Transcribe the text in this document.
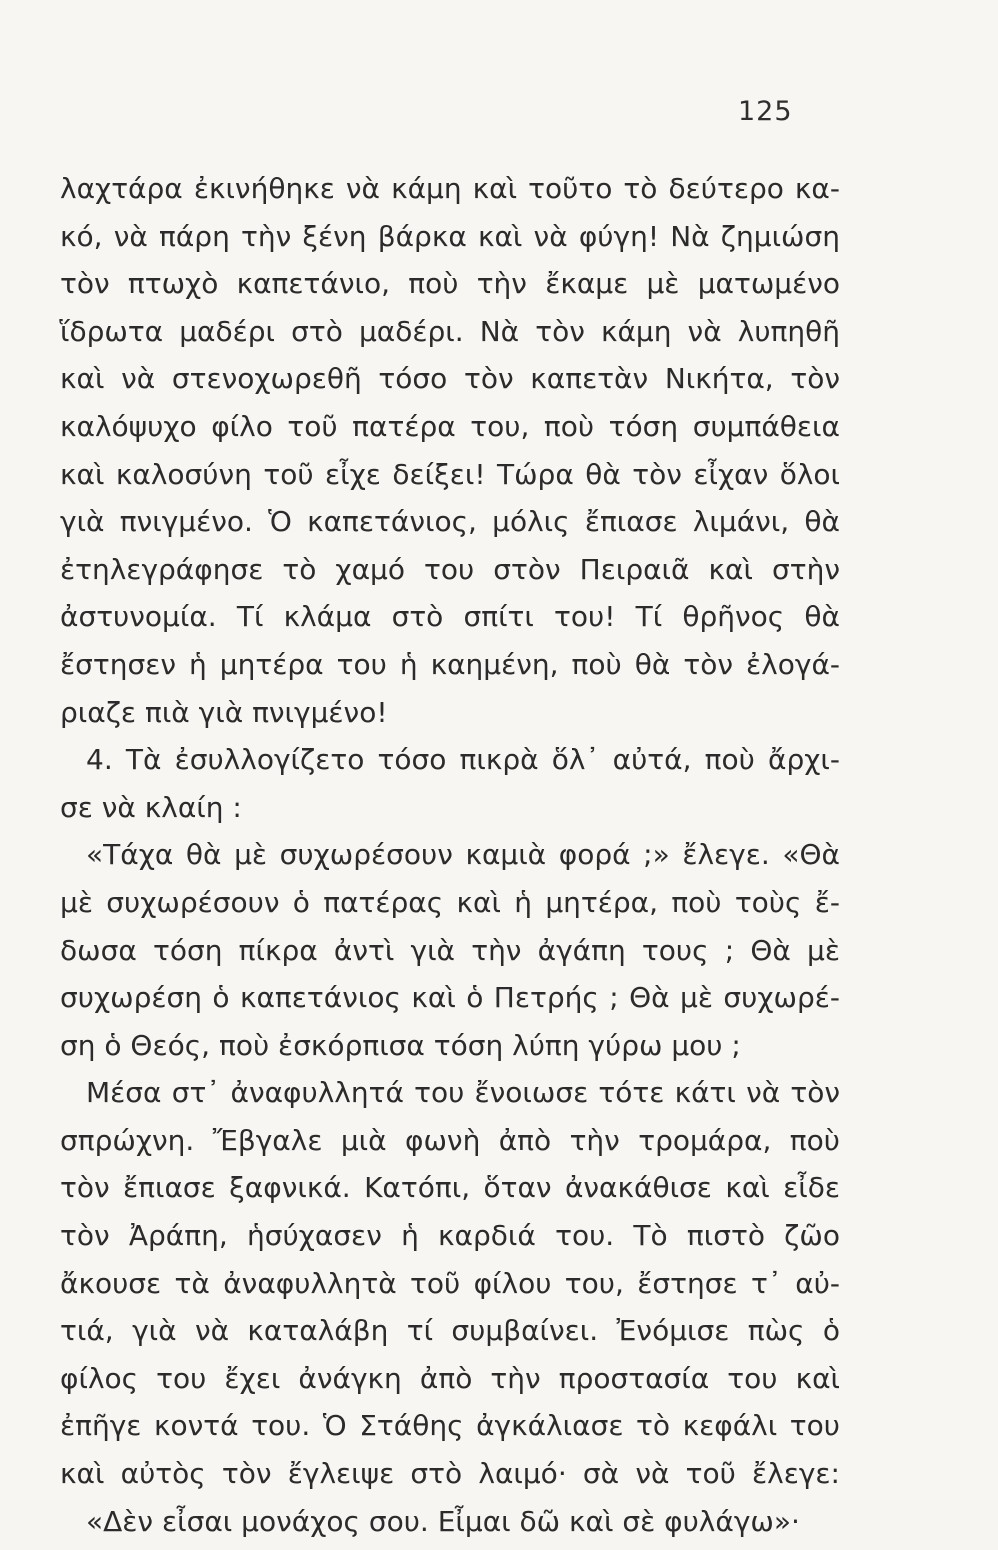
125
λαχτάρα ἐκινήθηκε νὰ κάμη καὶ τοῦτο τὸ δεύτερο κα-
κό, νὰ πάρη τὴν ξένη βάρκα καὶ νὰ φύγη! Νὰ ζημιώση
τὸν πτωχὸ καπετάνιο, ποὺ τὴν ἔκαμε μὲ ματωμένο
ἵδρωτα μαδέρι στὸ μαδέρι. Νὰ τὸν κάμη νὰ λυπηθῆ
καὶ νὰ στενοχωρεθῆ τόσο τὸν καπετὰν Νικήτα, τὸν
καλόψυχο φίλο τοῦ πατέρα του, ποὺ τόση συμπάθεια
καὶ καλοσύνη τοῦ εἶχε δείξει! Τώρα θὰ τὸν εἶχαν ὅλοι
γιὰ πνιγμένο. Ὁ καπετάνιος, μόλις ἔπιασε λιμάνι, θὰ
ἐτηλεγράφησε τὸ χαμό του στὸν Πειραιᾶ καὶ στὴν
ἀστυνομία. Τί κλάμα στὸ σπίτι του! Τί θρῆνος θὰ
ἔστησεν ἡ μητέρα του ἡ καημένη, ποὺ θὰ τὸν ἐλογά-
ριαζε πιὰ γιὰ πνιγμένο!
4. Τὰ ἐσυλλογίζετο τόσο πικρὰ ὅλ᾽ αὐτά, ποὺ ἄρχι-
σε νὰ κλαίη :
«Τάχα θὰ μὲ συχωρέσουν καμιὰ φορά ;» ἔλεγε. «Θὰ
μὲ συχωρέσουν ὁ πατέρας καὶ ἡ μητέρα, ποὺ τοὺς ἔ-
δωσα τόση πίκρα ἀντὶ γιὰ τὴν ἀγάπη τους ; Θὰ μὲ
συχωρέση ὁ καπετάνιος καὶ ὁ Πετρής ; Θὰ μὲ συχωρέ-
ση ὁ Θεός, ποὺ ἐσκόρπισα τόση λύπη γύρω μου ;
Μέσα στ᾽ ἀναφυλλητά του ἔνοιωσε τότε κάτι νὰ τὸν
σπρώχνη. Ἔβγαλε μιὰ φωνὴ ἀπὸ τὴν τρομάρα, ποὺ
τὸν ἔπιασε ξαφνικά. Κατόπι, ὅταν ἀνακάθισε καὶ εἶδε
τὸν Ἀράπη, ἡσύχασεν ἡ καρδιά του. Τὸ πιστὸ ζῶο
ἄκουσε τὰ ἀναφυλλητὰ τοῦ φίλου του, ἔστησε τ᾽ αὐ-
τιά, γιὰ νὰ καταλάβη τί συμβαίνει. Ἐνόμισε πὼς ὁ
φίλος του ἔχει ἀνάγκη ἀπὸ τὴν προστασία του καὶ
ἐπῆγε κοντά του. Ὁ Στάθης ἀγκάλιασε τὸ κεφάλι του
καὶ αὐτὸς τὸν ἔγλειψε στὸ λαιμό· σὰ νὰ τοῦ ἔλεγε:
«Δὲν εἶσαι μονάχος σου. Εἶμαι δῶ καὶ σὲ φυλάγω»·
